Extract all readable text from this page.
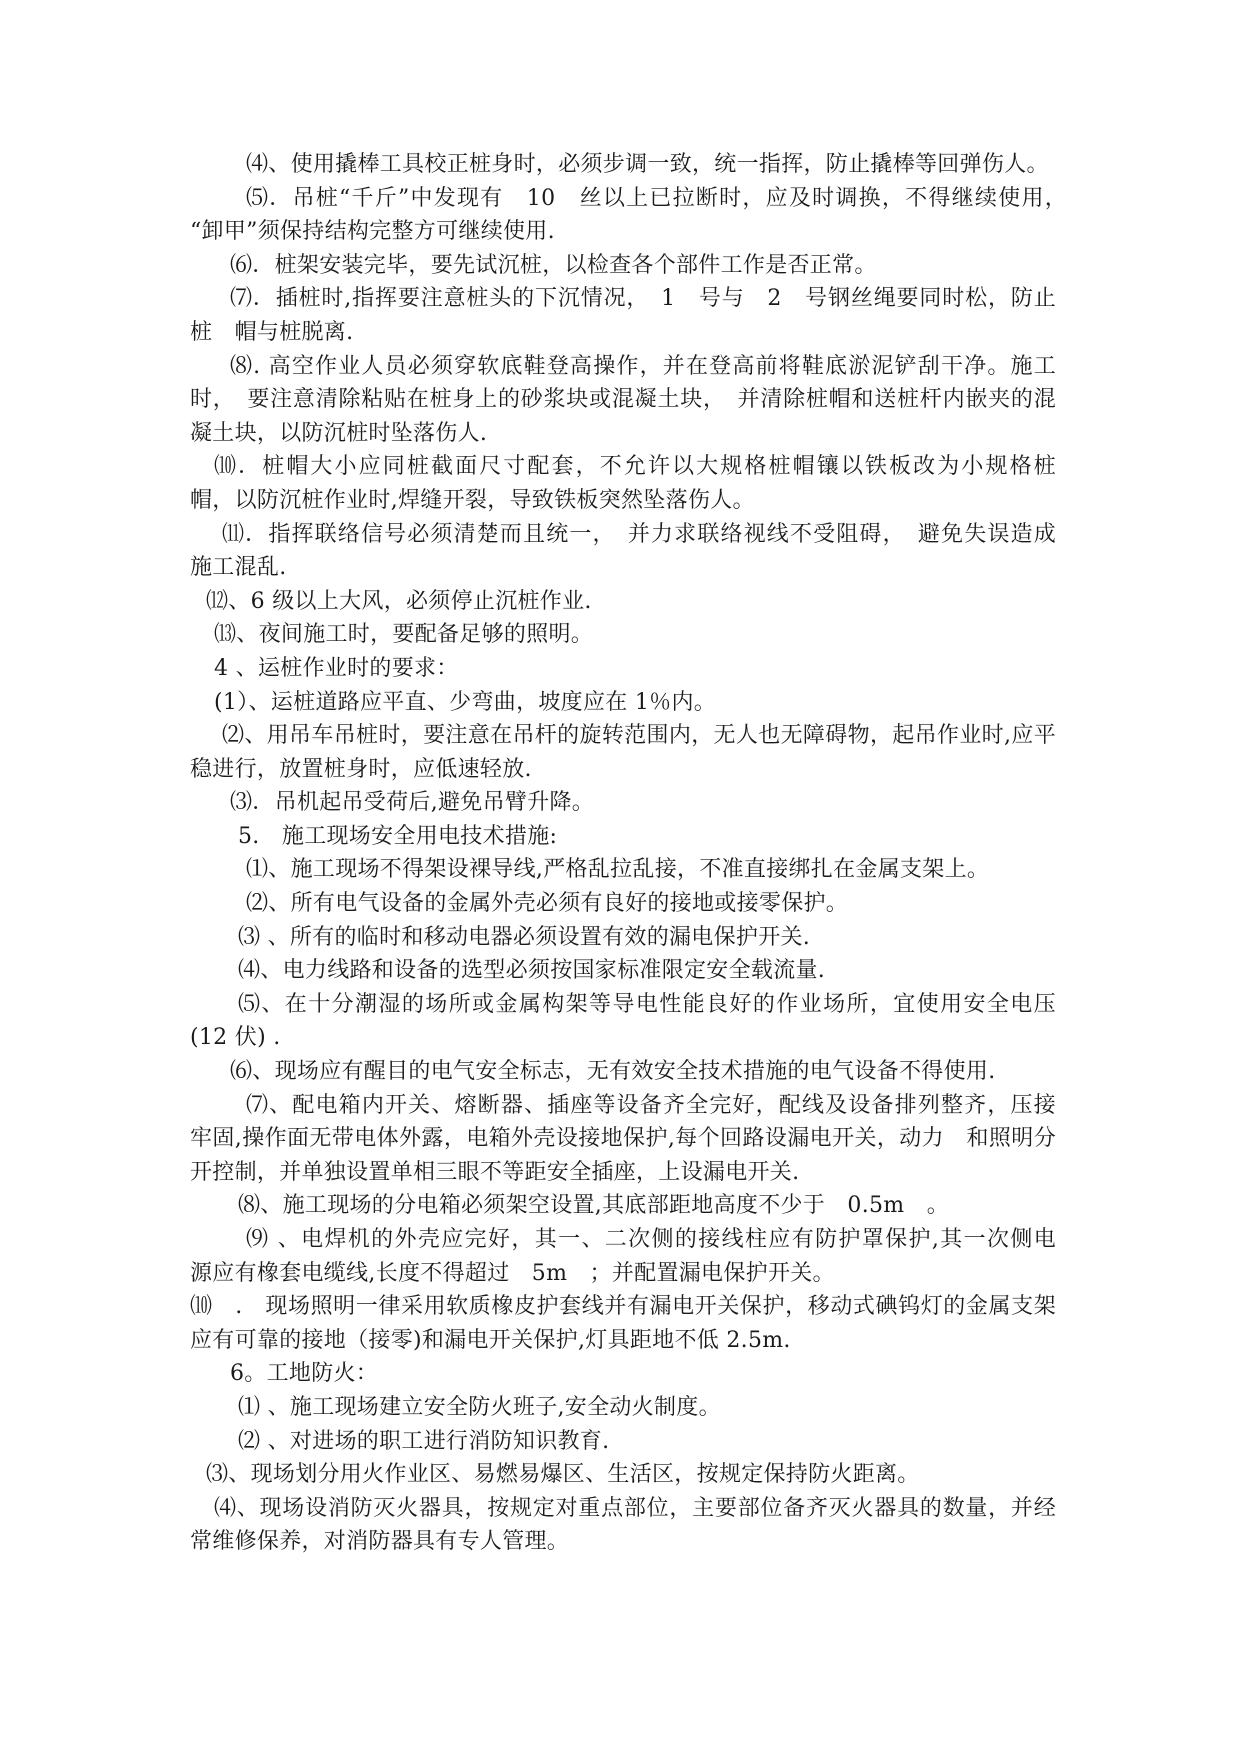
⑷、使用撬棒工具校正桩身时，必须步调一致，统一指挥，防止撬棒等回弹伤人。

⑸．吊桩“千斤”中发现有　10　丝以上已拉断时，应及时调换，不得继续使用，　“卸甲”须保持结构完整方可继续使用.

⑹．桩架安装完毕，要先试沉桩，以检查各个部件工作是否正常。

⑺．插桩时,指挥要注意桩头的下沉情况，　1　号与　2　号钢丝绳要同时松，防止桩　帽与桩脱离.

⑻. 高空作业人员必须穿软底鞋登高操作，并在登高前将鞋底淤泥铲刮干净。施工时，　要注意清除粘贴在桩身上的砂浆块或混凝土块，　并清除桩帽和送桩杆内嵌夹的混凝土块，以防沉桩时坠落伤人.

⑽．桩帽大小应同桩截面尺寸配套，不允许以大规格桩帽镶以铁板改为小规格桩　帽，以防沉桩作业时,焊缝开裂，导致铁板突然坠落伤人。

⑾．指挥联络信号必须清楚而且统一，　并力求联络视线不受阻碍，　避免失误造成　施工混乱.

⑿、6 级以上大风，必须停止沉桩作业.

⒀、夜间施工时，要配备足够的照明。

4 、运桩作业时的要求：

(1）、运桩道路应平直、少弯曲，坡度应在 1％内。

⑵、用吊车吊桩时，要注意在吊杆的旋转范围内，无人也无障碍物，起吊作业时,应平稳进行，放置桩身时，应低速轻放.

⑶．吊机起吊受荷后,避免吊臂升降。

5.　施工现场安全用电技术措施:

⑴、施工现场不得架设裸导线,严格乱拉乱接，不准直接绑扎在金属支架上。

⑵、所有电气设备的金属外壳必须有良好的接地或接零保护。

⑶ 、所有的临时和移动电器必须设置有效的漏电保护开关.

⑷、电力线路和设备的选型必须按国家标准限定安全载流量.

⑸、在十分潮湿的场所或金属构架等导电性能良好的作业场所，宜使用安全电压　(12 伏) .

⑹、现场应有醒目的电气安全标志，无有效安全技术措施的电气设备不得使用.

⑺、配电箱内开关、熔断器、插座等设备齐全完好，配线及设备排列整齐，压接　牢固,操作面无带电体外露，电箱外壳设接地保护,每个回路设漏电开关，动力　和照明分开控制，并单独设置单相三眼不等距安全插座，上设漏电开关.

⑻、施工现场的分电箱必须架空设置,其底部距地高度不少于　0.5m　。

⑼ 、电焊机的外壳应完好，其一、二次侧的接线柱应有防护罩保护,其一次侧电　源应有橡套电缆线,长度不得超过　5m　；并配置漏电保护开关。

⑽　.　现场照明一律采用软质橡皮护套线并有漏电开关保护，移动式碘钨灯的金属支架应有可靠的接地（接零)和漏电开关保护,灯具距地不低 2.5m.

6。工地防火：

⑴ 、施工现场建立安全防火班子,安全动火制度。

⑵ 、对进场的职工进行消防知识教育.

⑶、现场划分用火作业区、易燃易爆区、生活区，按规定保持防火距离。

⑷、现场设消防灭火器具，按规定对重点部位，主要部位备齐灭火器具的数量，并经常维修保养，对消防器具有专人管理。
